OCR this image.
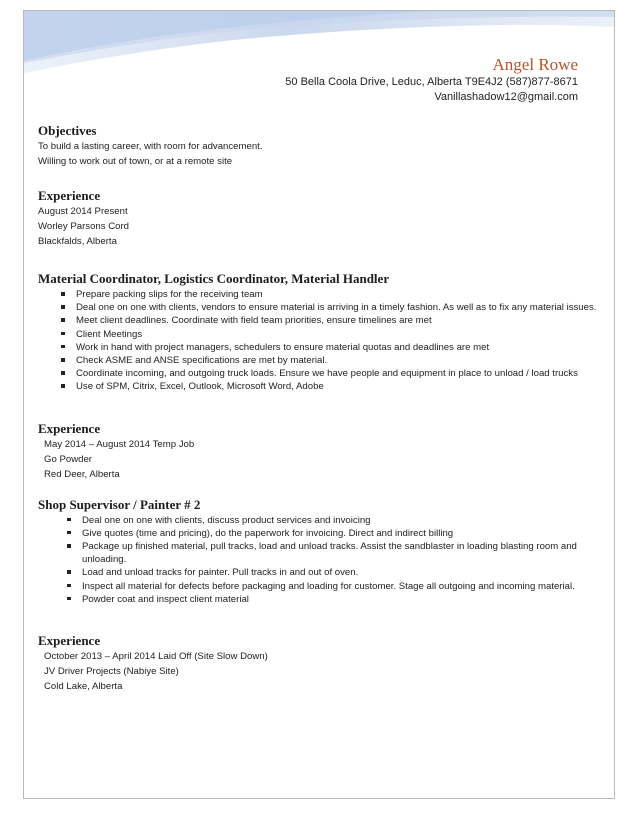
Angel Rowe
50 Bella Coola Drive, Leduc, Alberta T9E4J2 (587)877-8671
Vanillashadow12@gmail.com
Objectives
To build a lasting career, with room for advancement.
Willing to work out of town, or at a remote site
Experience
August 2014 Present
Worley Parsons Cord
Blackfalds, Alberta
Material Coordinator, Logistics Coordinator, Material Handler
Prepare packing slips for the receiving team
Deal one on one with clients, vendors to ensure material is arriving in a timely fashion. As well as to fix any material issues.
Meet client deadlines. Coordinate with field team priorities, ensure timelines are met
Client Meetings
Work in hand with project managers, schedulers to ensure material quotas and deadlines are met
Check ASME and ANSE specifications are met by material.
Coordinate incoming, and outgoing truck loads. Ensure we have people and equipment in place to unload / load trucks
Use of SPM, Citrix, Excel, Outlook, Microsoft Word, Adobe
Experience
May 2014 – August 2014 Temp Job
Go Powder
Red Deer, Alberta
Shop Supervisor / Painter # 2
Deal one on one with clients, discuss product services and invoicing
Give quotes (time and pricing), do the paperwork for invoicing. Direct and indirect billing
Package up finished material, pull tracks, load and unload tracks. Assist the sandblaster in loading blasting room and unloading.
Load and unload tracks for painter. Pull tracks in and out of oven.
Inspect all material for defects before packaging and loading for customer. Stage all outgoing and incoming material.
Powder coat and inspect client material
Experience
October 2013 – April 2014 Laid Off (Site Slow Down)
JV Driver Projects (Nabiye Site)
Cold Lake, Alberta
